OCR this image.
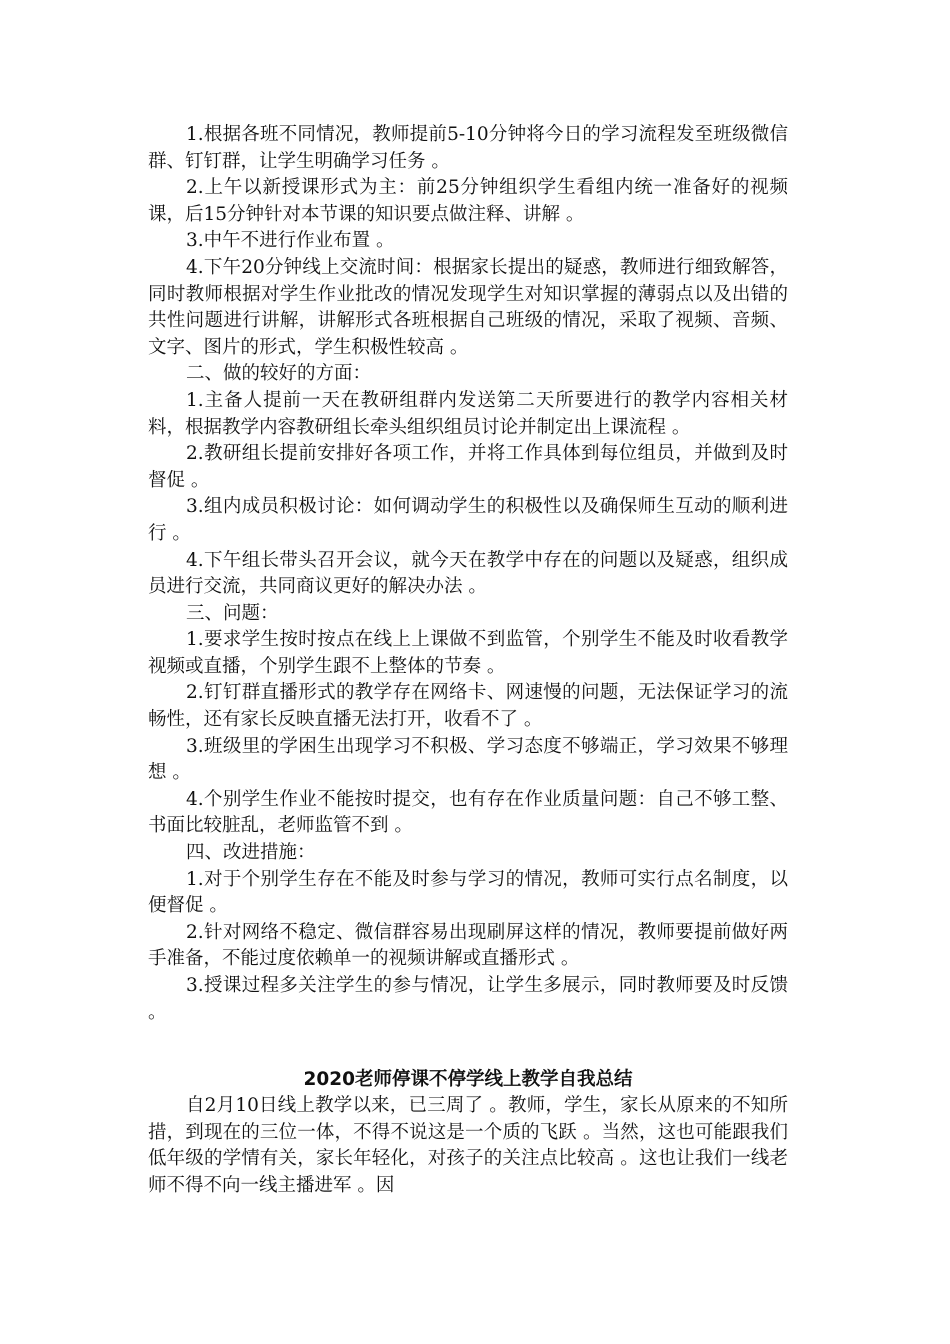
1.根据各班不同情况，教师提前5-10分钟将今日的学习流程发至班级微信群、钉钉群，让学生明确学习任务 。

2.上午以新授课形式为主：前25分钟组织学生看组内统一准备好的视频课，后15分钟针对本节课的知识要点做注释、讲解 。

3.中午不进行作业布置 。

4.下午20分钟线上交流时间：根据家长提出的疑惑，教师进行细致解答，同时教师根据对学生作业批改的情况发现学生对知识掌握的薄弱点以及出错的共性问题进行讲解，讲解形式各班根据自己班级的情况，采取了视频、音频、文字、图片的形式，学生积极性较高 。

二、做的较好的方面：

1.主备人提前一天在教研组群内发送第二天所要进行的教学内容相关材料，根据教学内容教研组长牵头组织组员讨论并制定出上课流程 。

2.教研组长提前安排好各项工作，并将工作具体到每位组员，并做到及时督促 。

3.组内成员积极讨论：如何调动学生的积极性以及确保师生互动的顺利进行 。

4.下午组长带头召开会议，就今天在教学中存在的问题以及疑惑，组织成员进行交流，共同商议更好的解决办法 。

三、问题：

1.要求学生按时按点在线上上课做不到监管，个别学生不能及时收看教学视频或直播，个别学生跟不上整体的节奏 。

2.钉钉群直播形式的教学存在网络卡、网速慢的问题，无法保证学习的流畅性，还有家长反映直播无法打开，收看不了 。

3.班级里的学困生出现学习不积极、学习态度不够端正，学习效果不够理想 。

4.个别学生作业不能按时提交，也有存在作业质量问题：自己不够工整、书面比较脏乱，老师监管不到 。

四、改进措施：

1.对于个别学生存在不能及时参与学习的情况，教师可实行点名制度，以便督促 。

2.针对网络不稳定、微信群容易出现刷屏这样的情况，教师要提前做好两手准备，不能过度依赖单一的视频讲解或直播形式 。

3.授课过程多关注学生的参与情况，让学生多展示，同时教师要及时反馈 。

2020老师停课不停学线上教学自我总结

自2月10日线上教学以来，已三周了 。教师，学生，家长从原来的不知所措，到现在的三位一体，不得不说这是一个质的飞跃 。当然，这也可能跟我们低年级的学情有关，家长年轻化，对孩子的关注点比较高 。这也让我们一线老师不得不向一线主播进军 。因
